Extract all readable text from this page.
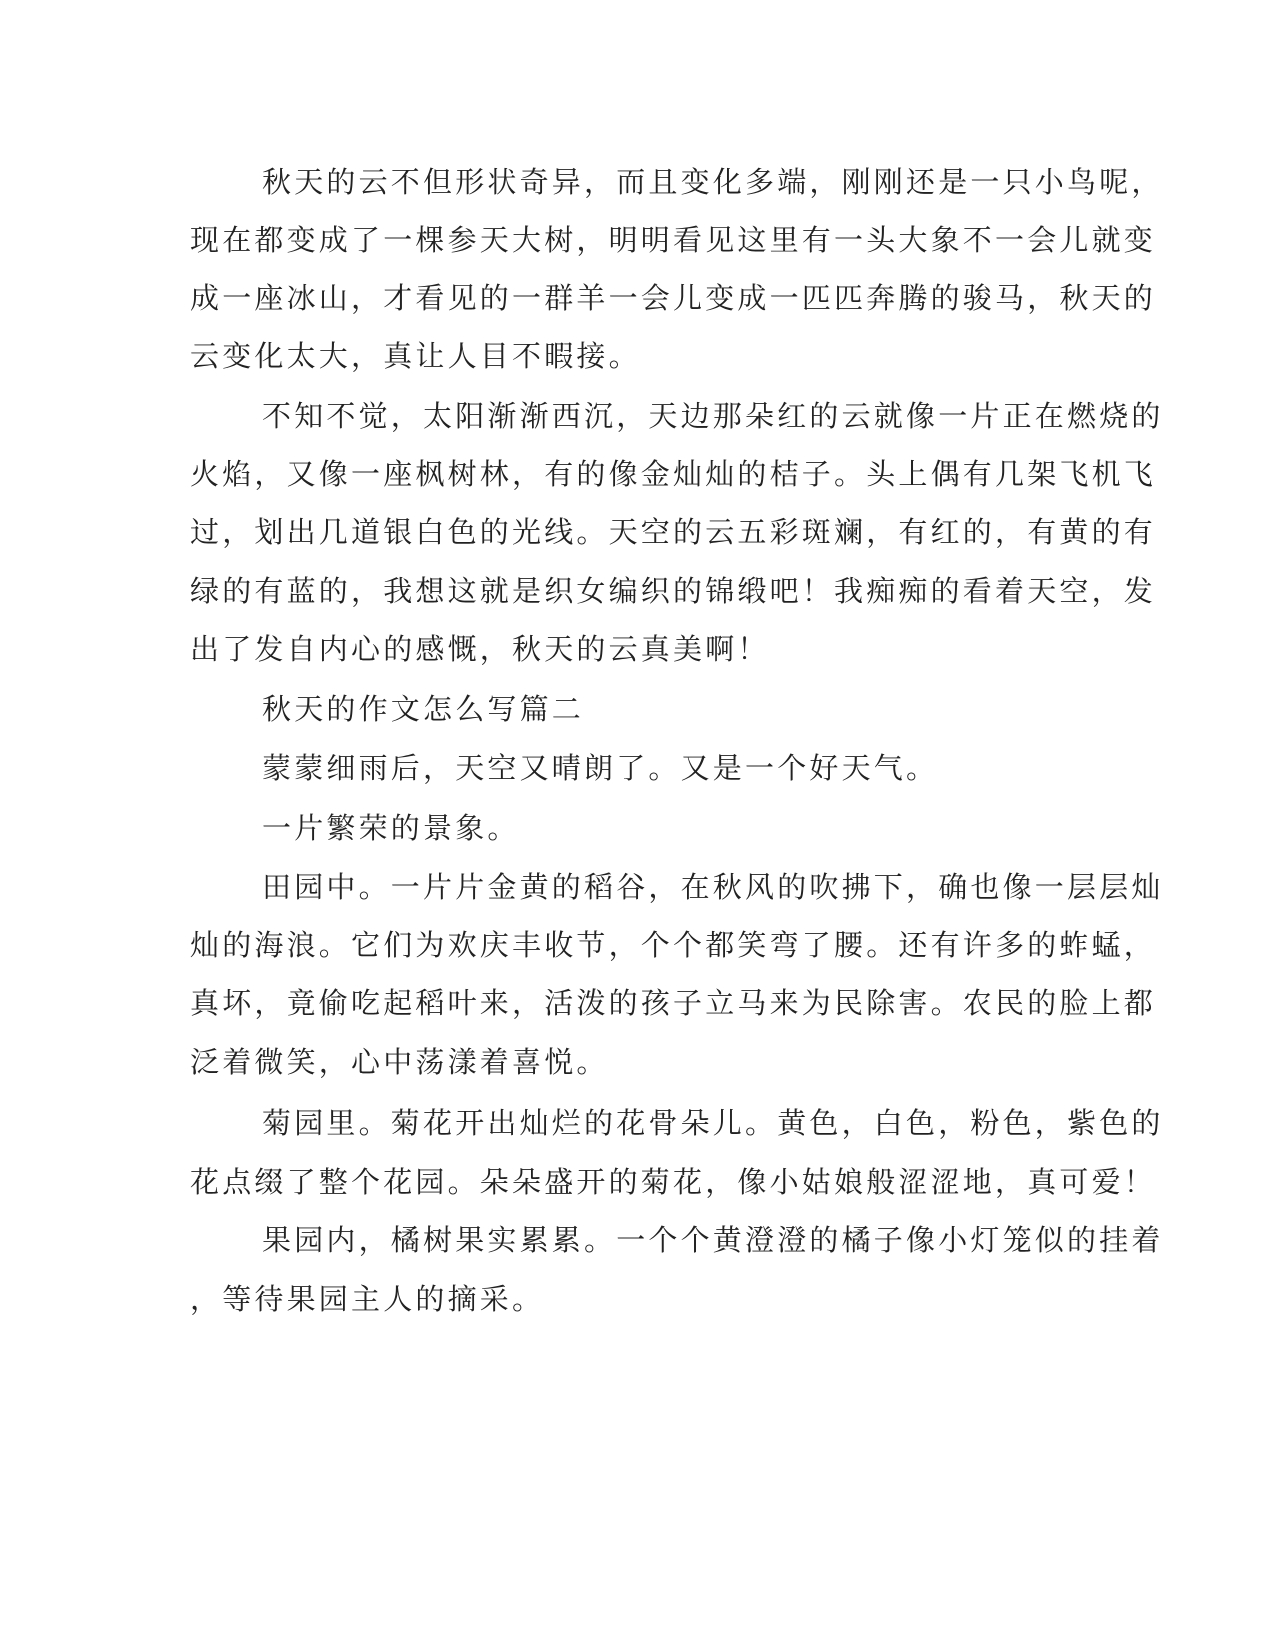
秋天的云不但形状奇异，而且变化多端，刚刚还是一只小鸟呢，
现在都变成了一棵参天大树，明明看见这里有一头大象不一会儿就变
成一座冰山，才看见的一群羊一会儿变成一匹匹奔腾的骏马，秋天的
云变化太大，真让人目不暇接。
不知不觉，太阳渐渐西沉，天边那朵红的云就像一片正在燃烧的
火焰，又像一座枫树林，有的像金灿灿的桔子。头上偶有几架飞机飞
过，划出几道银白色的光线。天空的云五彩斑斓，有红的，有黄的有
绿的有蓝的，我想这就是织女编织的锦缎吧！我痴痴的看着天空，发
出了发自内心的感慨，秋天的云真美啊！
秋天的作文怎么写篇二
蒙蒙细雨后，天空又晴朗了。又是一个好天气。
一片繁荣的景象。
田园中。一片片金黄的稻谷，在秋风的吹拂下，确也像一层层灿
灿的海浪。它们为欢庆丰收节，个个都笑弯了腰。还有许多的蚱蜢，
真坏，竟偷吃起稻叶来，活泼的孩子立马来为民除害。农民的脸上都
泛着微笑，心中荡漾着喜悦。
菊园里。菊花开出灿烂的花骨朵儿。黄色，白色，粉色，紫色的
花点缀了整个花园。朵朵盛开的菊花，像小姑娘般涩涩地，真可爱！
果园内，橘树果实累累。一个个黄澄澄的橘子像小灯笼似的挂着
，等待果园主人的摘采。
